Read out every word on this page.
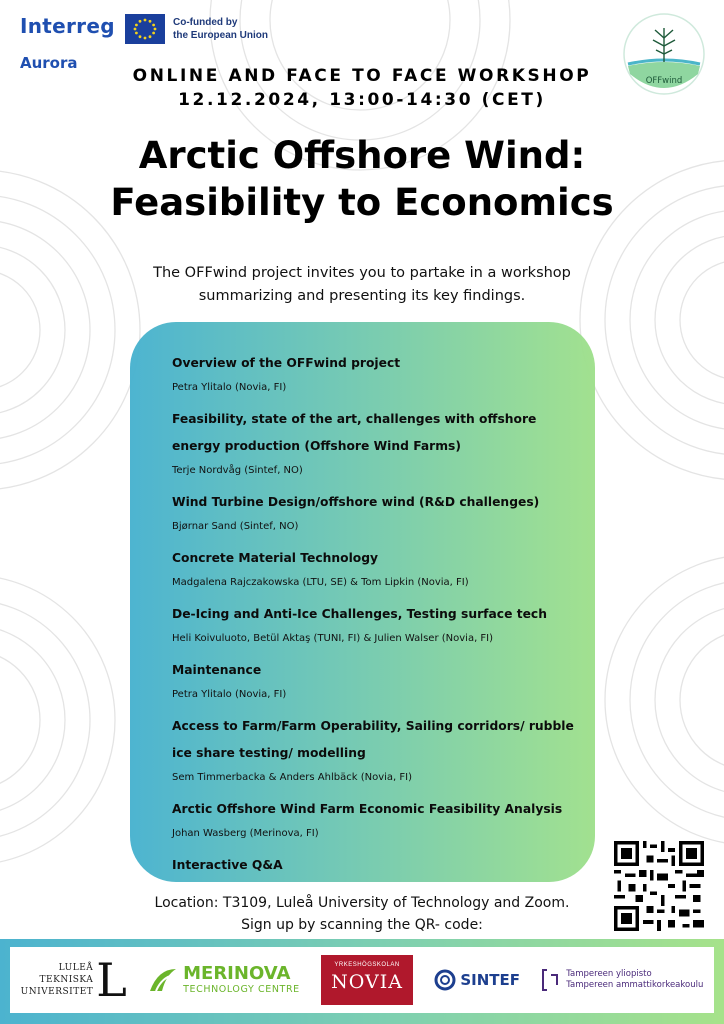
Interreg
Aurora
Co-funded by
the European Union
OFFwind
ONLINE AND FACE TO FACE WORKSHOP
12.12.2024, 13:00-14:30 (CET)
Arctic Offshore Wind:
Feasibility to Economics
The OFFwind project invites you to partake in a workshop
summarizing and presenting its key findings.
Overview of the OFFwind project
Petra Ylitalo (Novia, FI)
Feasibility, state of the art, challenges with offshore energy production (Offshore Wind Farms)
Terje Nordvåg (Sintef, NO)
Wind Turbine Design/offshore wind (R&D challenges)
Bjørnar Sand (Sintef, NO)
Concrete Material Technology
Madgalena Rajczakowska (LTU, SE) & Tom Lipkin (Novia, FI)
De-Icing and Anti-Ice Challenges, Testing surface tech
Heli Koivuluoto, Betül Aktaş (TUNI, FI) & Julien Walser (Novia, FI)
Maintenance
Petra Ylitalo (Novia, FI)
Access to Farm/Farm Operability, Sailing corridors/ rubble ice share testing/ modelling
Sem Timmerbacka & Anders Ahlbäck (Novia, FI)
Arctic Offshore Wind Farm Economic Feasibility Analysis
Johan Wasberg (Merinova, FI)
Interactive Q&A
Location: T3109, Luleå University of Technology and Zoom.
Sign up by scanning the QR- code:
LULEÅ
TEKNISKA
UNIVERSITET L	MERINOVA
TECHNOLOGY CENTRE
YRKESHÖGSKOLAN
NOVIA	SINTEF	Tampereen yliopisto
Tampereen ammattikorkeakoulu
